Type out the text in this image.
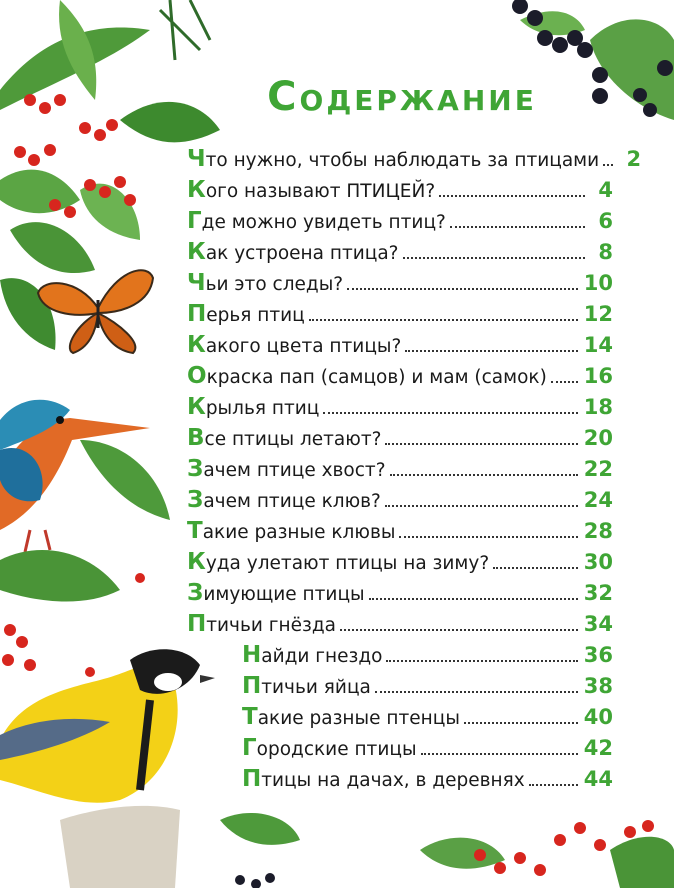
Содержание
Ч то нужно, чтобы наблюдать за птицами	2
К ого называют ПТИЦЕЙ?	4
Г де можно увидеть птиц?	6
К ак устроена птица?	8
Ч ьи это следы?	10
П ерья птиц	12
К акого цвета птицы?	14
О краска пап (самцов) и мам (самок) 16
К рылья птиц	18
В се птицы летают?	20
З ачем птице хвост?	22
З ачем птице клюв?	24
Т акие разные клювы	28
К уда улетают птицы на зиму?	30
З имующие птицы	32
П тичьи гнёзда	34
Н айди гнездо	36
П тичьи яйца	38
Т акие разные птенцы	40
Г ородские птицы	42
П тицы на дачах, в деревнях	44
